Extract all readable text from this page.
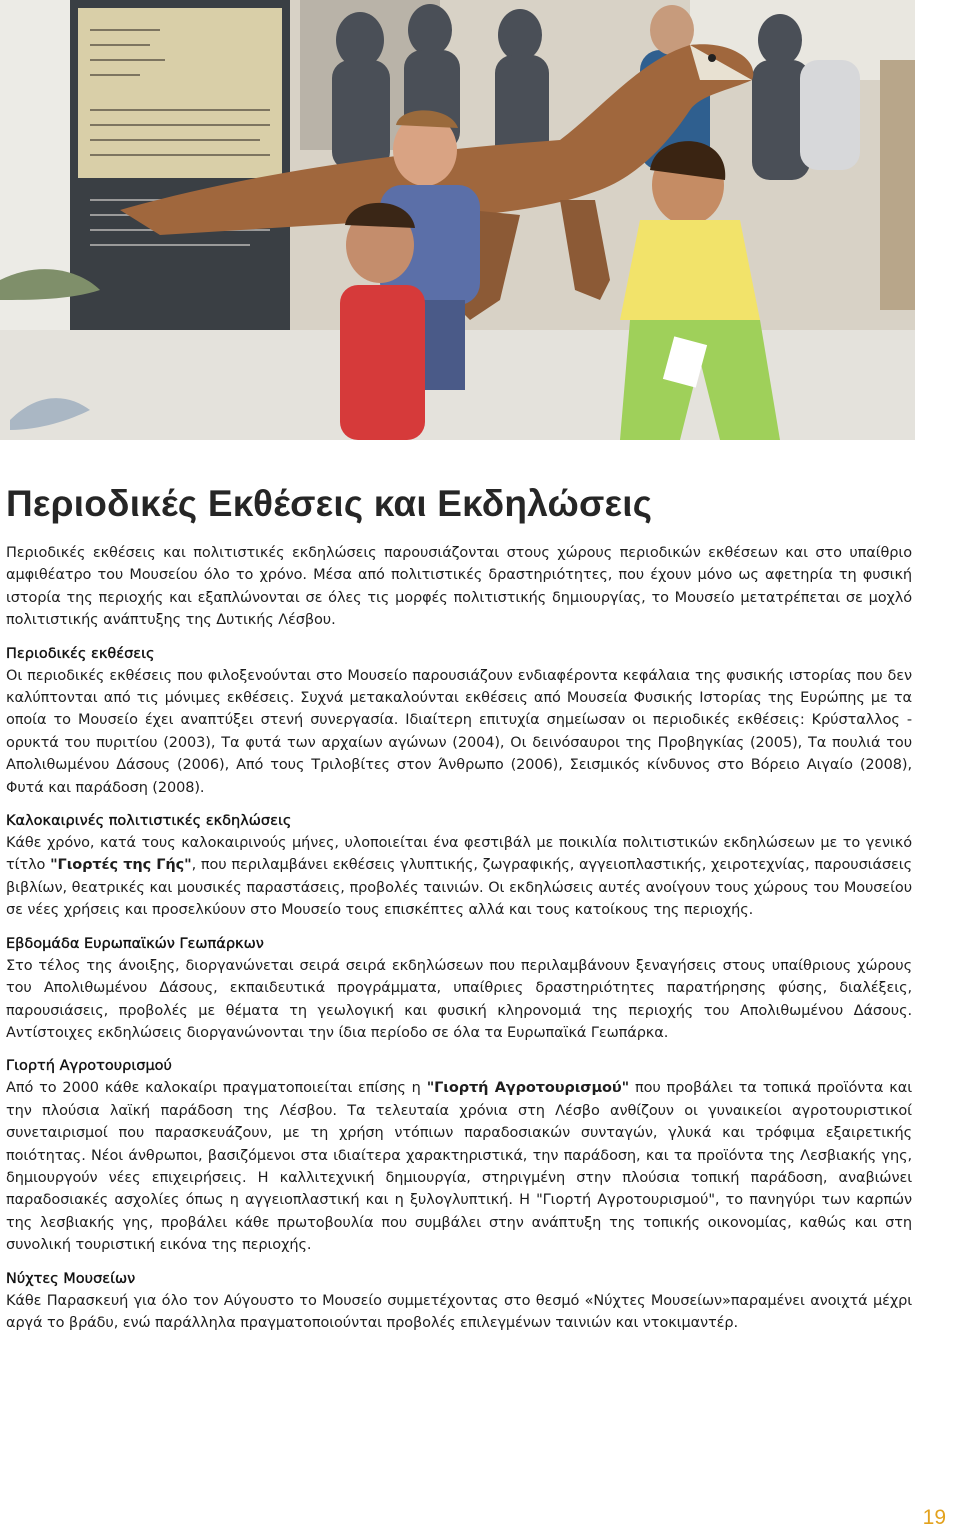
Περιοδικές Εκθέσεις και Εκδηλώσεις

Περιοδικές εκθέσεις και πολιτιστικές εκδηλώσεις παρουσιάζονται στους χώρους περιοδικών εκθέσεων και στο υπαίθριο αμφιθέατρο του Μουσείου όλο το χρόνο. Μέσα από πολιτιστικές δραστηριότητες, που έχουν μόνο ως αφετηρία τη φυσική ιστορία της περιοχής και εξαπλώνονται σε όλες τις μορφές πολιτιστικής δημιουργίας, το Μουσείο μετατρέπεται σε μοχλό πολιτιστικής ανάπτυξης της Δυτικής Λέσβου.

Περιοδικές εκθέσεις

Οι περιοδικές εκθέσεις που φιλοξενούνται στο Μουσείο παρουσιάζουν ενδιαφέροντα κεφάλαια της φυσικής ιστορίας που δεν καλύπτονται από τις μόνιμες εκθέσεις. Συχνά μετακαλούνται εκθέσεις από Μουσεία Φυσικής Ιστορίας της Ευρώπης με τα οποία το Μουσείο έχει αναπτύξει στενή συνεργασία. Ιδιαίτερη επιτυχία σημείωσαν οι περιοδικές εκθέσεις: Κρύσταλλος - ορυκτά του πυριτίου (2003), Τα φυτά των αρχαίων αγώνων (2004), Οι δεινόσαυροι της Προβηγκίας (2005), Τα πουλιά του Απολιθωμένου Δάσους (2006), Από τους Τριλοβίτες στον Άνθρωπο (2006), Σεισμικός κίνδυνος στο Βόρειο Αιγαίο (2008), Φυτά και παράδοση (2008).

Καλοκαιρινές πολιτιστικές εκδηλώσεις

Κάθε χρόνο, κατά τους καλοκαιρινούς μήνες, υλοποιείται ένα φεστιβάλ με ποικιλία πολιτιστικών εκδηλώσεων με το γενικό τίτλο "Γιορτές της Γής", που περιλαμβάνει εκθέσεις γλυπτικής, ζωγραφικής, αγγειοπλαστικής, χειροτεχνίας, παρουσιάσεις βιβλίων, θεατρικές και μουσικές παραστάσεις, προβολές ταινιών. Οι εκδηλώσεις αυτές ανοίγουν τους χώρους του Μουσείου σε νέες χρήσεις και προσελκύουν στο Μουσείο τους επισκέπτες αλλά και τους κατοίκους της περιοχής.

Εβδομάδα Ευρωπαϊκών Γεωπάρκων

Στο τέλος της άνοιξης, διοργανώνεται σειρά σειρά εκδηλώσεων που περιλαμβάνουν ξεναγήσεις στους υπαίθριους χώρους του Απολιθωμένου Δάσους, εκπαιδευτικά προγράμματα, υπαίθριες δραστηριότητες παρατήρησης φύσης, διαλέξεις, παρουσιάσεις, προβολές με θέματα τη γεωλογική και φυσική κληρονομιά της περιοχής του Απολιθωμένου Δάσους. Αντίστοιχες εκδηλώσεις διοργανώνονται την ίδια περίοδο σε όλα τα Ευρωπαϊκά Γεωπάρκα.

Γιορτή Αγροτουρισμού

Από το 2000 κάθε καλοκαίρι πραγματοποιείται επίσης η "Γιορτή Αγροτουρισμού" που προβάλει τα τοπικά προϊόντα και την πλούσια λαϊκή παράδοση της Λέσβου. Τα τελευταία χρόνια στη Λέσβο ανθίζουν οι γυναικείοι αγροτουριστικοί συνεταιρισμοί που παρασκευάζουν, με τη χρήση ντόπιων παραδοσιακών συνταγών, γλυκά και τρόφιμα εξαιρετικής ποιότητας. Νέοι άνθρωποι, βασιζόμενοι στα ιδιαίτερα χαρακτηριστικά, την παράδοση, και τα προϊόντα της Λεσβιακής γης, δημιουργούν νέες επιχειρήσεις. Η καλλιτεχνική δημιουργία, στηριγμένη στην πλούσια τοπική παράδοση, αναβιώνει παραδοσιακές ασχολίες όπως η αγγειοπλαστική και η ξυλογλυπτική. Η "Γιορτή Αγροτουρισμού", το πανηγύρι των καρπών της λεσβιακής γης, προβάλει κάθε πρωτοβουλία που συμβάλει στην ανάπτυξη της τοπικής οικονομίας, καθώς και στη συνολική τουριστική εικόνα της περιοχής.

Νύχτες Μουσείων

Κάθε Παρασκευή για όλο τον Αύγουστο το Μουσείο συμμετέχοντας στο θεσμό «Νύχτες Μουσείων»παραμένει ανοιχτά μέχρι αργά το βράδυ, ενώ παράλληλα πραγματοποιούνται προβολές επιλεγμένων ταινιών και ντοκιμαντέρ.

19
